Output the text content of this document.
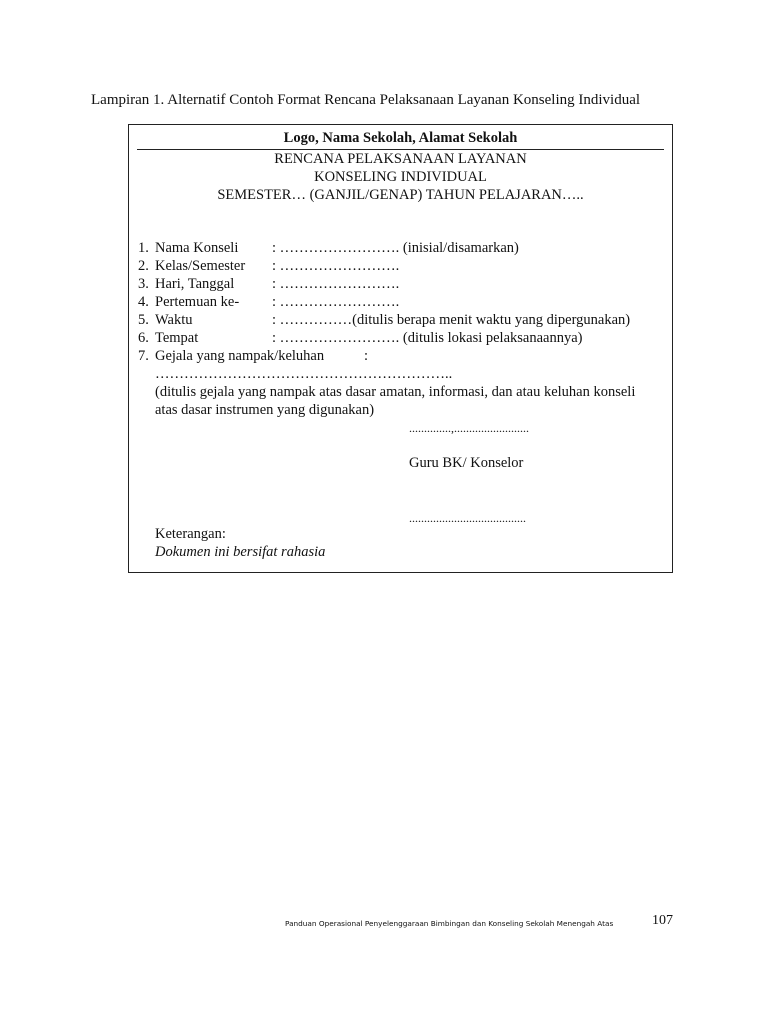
Lampiran 1. Alternatif Contoh Format Rencana Pelaksanaan Layanan Konseling Individual
Logo, Nama Sekolah, Alamat Sekolah
RENCANA PELAKSANAAN LAYANAN
KONSELING INDIVIDUAL
SEMESTER… (GANJIL/GENAP) TAHUN PELAJARAN…..
1. Nama Konseli : ……………………. (inisial/disamarkan)
2. Kelas/Semester : …………………….
3. Hari, Tanggal	: …………………….
4. Pertemuan ke- : …………………….
5. Waktu	: ……………(ditulis berapa menit waktu yang dipergunakan)
6. Tempat	: ……………………. (ditulis lokasi pelaksanaannya)
7. Gejala yang nampak/keluhan	:
……………………………………………………..
(ditulis gejala yang nampak atas dasar amatan, informasi, dan atau keluhan konseli
atas dasar instrumen yang digunakan)
..............,.........................
Guru BK/ Konselor
.......................................
Keterangan:
Dokumen ini bersifat rahasia
Panduan Operasional Penyelenggaraan Bimbingan dan Konseling Sekolah Menengah Atas	107
